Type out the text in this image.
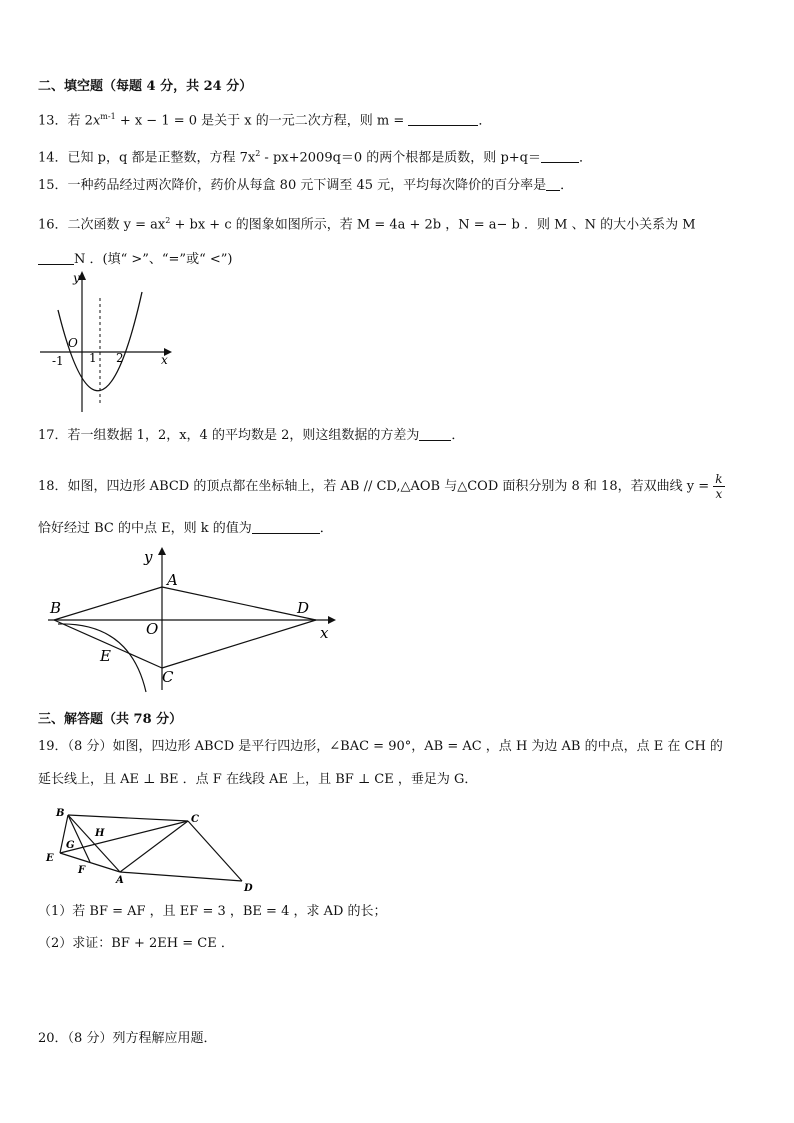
二、填空题（每题 4 分，共 24 分）
13．若 $2x^{m-1} + x - 1 = 0$ 是关于 x 的一元二次方程，则 m =	．
14．已知 p，q 都是正整数，方程 $7x^2 - px+2009q=0$ 的两个根都是质数，则 p+q＝	．
15．一种药品经过两次降价，药价从每盒 80 元下调至 45 元，平均每次降价的百分率是 ．
16．二次函数 $y = ax^2$ + bx + c 的图象如图所示，若 M = 4a + 2b ，N = a− b ．则 M 、N 的大小关系为 M
N ．(填“ >”、“=”或“ <”)
y
O
x
-1 1 2
17．若一组数据 1，2，x，4 的平均数是 2，则这组数据的方差为 ．
18．如图，四边形 ABCD 的顶点都在坐标轴上，若 AB // CD,△AOB 与△COD 面积分别为 8 和 18，若双曲线 $y = \frac{k}{x}$
恰好经过 BC 的中点 E，则 k 的值为	．
y
A
B	D
O	x
E
C
三、解答题（共 78 分）
19．（8 分）如图，四边形 ABCD 是平行四边形，∠BAC = 90°，AB = AC ，点 H 为边 AB 的中点，点 E 在 CH 的
延长线上，且 AE ⊥ BE ．点 F 在线段 AE 上，且 BF ⊥ CE ，垂足为 G．
B
C
H
G
E
F
A
D
（1）若 BF = AF ，且 EF = 3 ，BE = 4 ，求 AD 的长；
（2）求证：BF + 2EH = CE ．
20．（8 分）列方程解应用题．
